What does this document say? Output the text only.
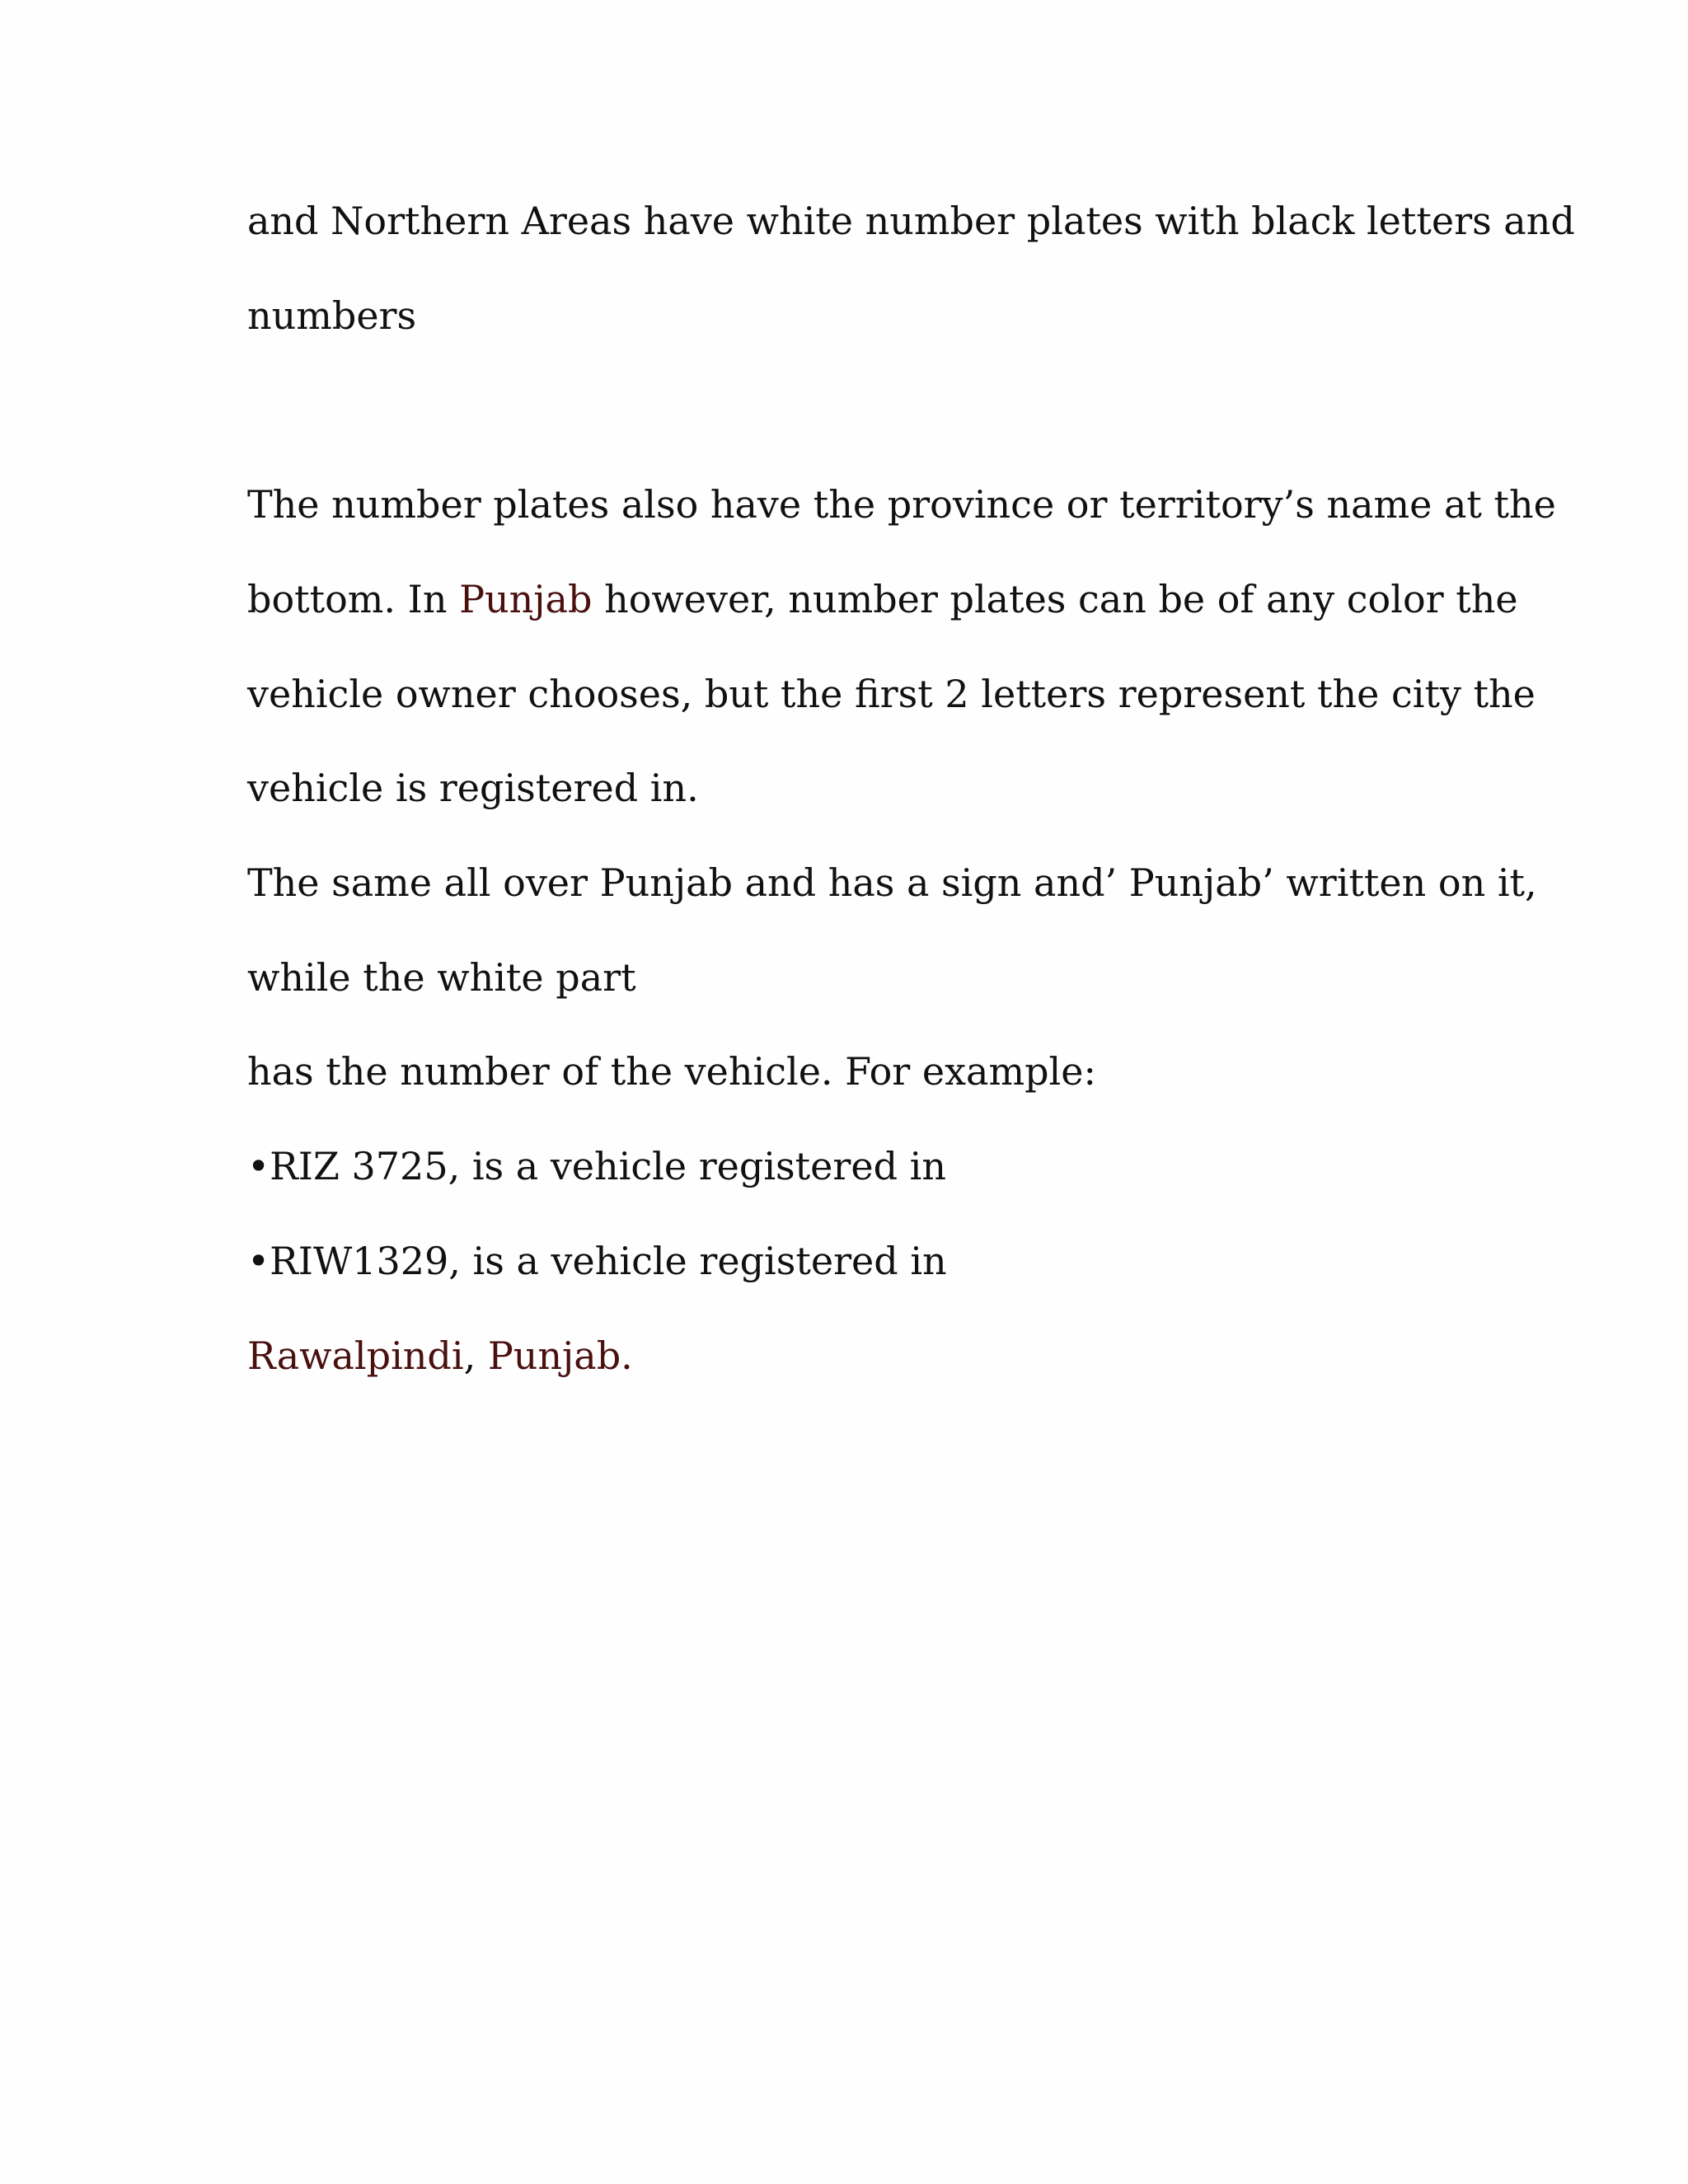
and Northern Areas have white number plates with black letters and
numbers
The number plates also have the province or territory’s name at the
bottom. In Punjab however, number plates can be of any color the
vehicle owner chooses, but the first 2 letters represent the city the
vehicle is registered in.
The same all over Punjab and has a sign and’ Punjab’ written on it,
while the white part
has the number of the vehicle. For example:
•RIZ 3725, is a vehicle registered in
•RIW1329, is a vehicle registered in
Rawalpindi, Punjab.
